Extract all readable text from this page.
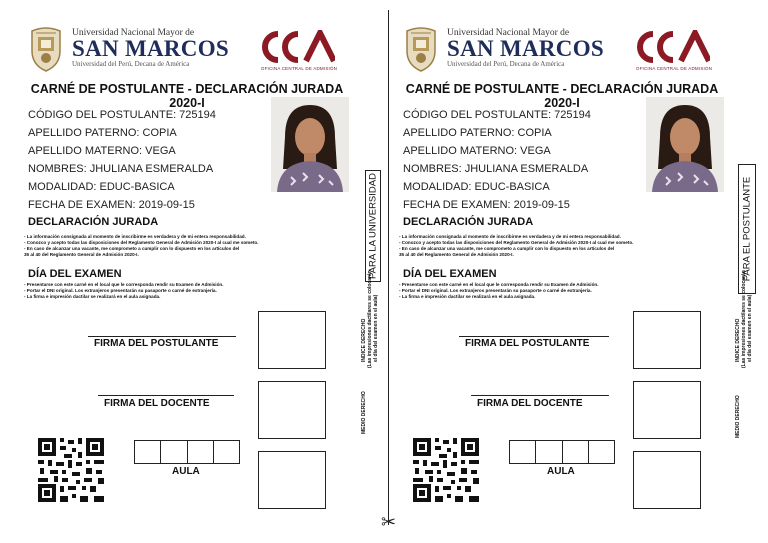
✂
Universidad Nacional Mayor de
SAN MARCOS
Universidad del Perú, Decana de América
OFICINA CENTRAL DE ADMISIÓN
CARNÉ DE POSTULANTE - DECLARACIÓN JURADA 2020-I
CÓDIGO DEL POSTULANTE: 725194
APELLIDO PATERNO: COPIA
APELLIDO MATERNO: VEGA
NOMBRES: JHULIANA ESMERALDA
MODALIDAD: EDUC-BASICA
FECHA DE EXAMEN: 2019-09-15	PARA LA UNIVERSIDAD
DECLARACIÓN JURADA
- La información consignada al momento de inscribirme es verdadera y de mi entera responsabilidad.
- Conozco y acepto todas las disposiciones del Reglamento General de Admisión 2020-I al cual me someto.
- En caso de alcanzar una vacante, me comprometo a cumplir con lo dispuesto en los artículos del
35 al 40 del Reglamento General de Admisión 2020-I.
DÍA DEL EXAMEN
- Presentarse con este carné en el local que le corresponda rendir su Examen de Admisión.
- Portar el DNI original. Los extranjeros presentarán su pasaporte o carné de extranjería.
- La firma e impresión dactilar se realizará en el aula asignada.
FIRMA DEL POSTULANTE
FIRMA DEL DOCENTE
INDICE DERECHO (Las impresiones dactilares se colocarán el día del examen en el aula)
MEDIO DERECHO
AULA
Universidad Nacional Mayor de
SAN MARCOS
Universidad del Perú, Decana de América
OFICINA CENTRAL DE ADMISIÓN
CARNÉ DE POSTULANTE - DECLARACIÓN JURADA 2020-I
CÓDIGO DEL POSTULANTE: 725194
APELLIDO PATERNO: COPIA
APELLIDO MATERNO: VEGA
NOMBRES: JHULIANA ESMERALDA
MODALIDAD: EDUC-BASICA
FECHA DE EXAMEN: 2019-09-15	PARA EL POSTULANTE
DECLARACIÓN JURADA
- La información consignada al momento de inscribirme es verdadera y de mi entera responsabilidad.
- Conozco y acepto todas las disposiciones del Reglamento General de Admisión 2020-I al cual me someto.
- En caso de alcanzar una vacante, me comprometo a cumplir con lo dispuesto en los artículos del
35 al 40 del Reglamento General de Admisión 2020-I.
DÍA DEL EXAMEN
- Presentarse con este carné en el local que le corresponda rendir su Examen de Admisión.
- Portar el DNI original. Los extranjeros presentarán su pasaporte o carné de extranjería.
- La firma e impresión dactilar se realizará en el aula asignada.
FIRMA DEL POSTULANTE
FIRMA DEL DOCENTE
INDICE DERECHO (Las impresiones dactilares se colocarán el día del examen en el aula)
MEDIO DERECHO
AULA
